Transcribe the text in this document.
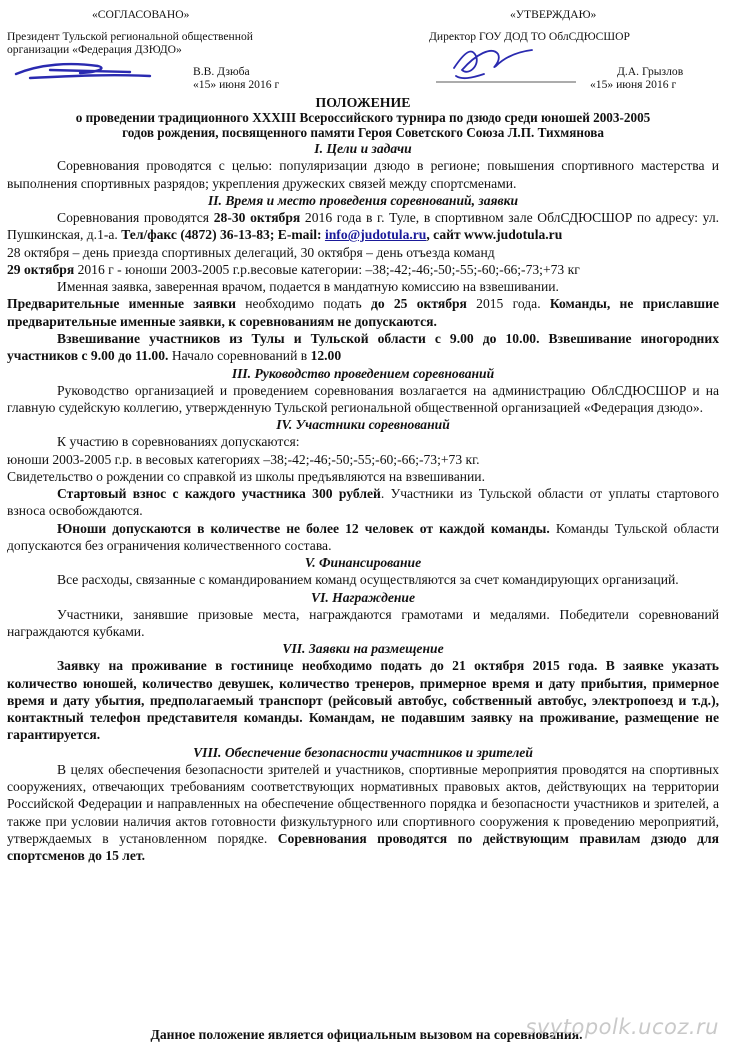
«СОГЛАСОВАНО»	«УТВЕРЖДАЮ»
Президент Тульской региональной общественной
организации «Федерация ДЗЮДО»
Директор ГОУ ДОД ТО ОблСДЮСШОР
В.В. Дзюба
«15» июня 2016 г
Д.А. Грызлов
«15» июня 2016 г
ПОЛОЖЕНИЕ
о проведении традиционного XXXIII Всероссийского турнира по дзюдо среди юношей 2003-2005
годов рождения, посвященного памяти Героя Советского Союза Л.П. Тихмянова
I. Цели и задачи

Соревнования проводятся с целью: популяризации дзюдо в регионе; повышения спортивного мастерства и выполнения спортивных разрядов; укрепления дружеских связей между спортсменами.

II. Время и место проведения соревнований, заявки

Соревнования проводятся 28-30 октября 2016 года в г. Туле, в спортивном зале ОблСДЮСШОР по адресу: ул. Пушкинская, д.1-а. Тел/факс (4872) 36-13-83; E-mail: info@judotula.ru, сайт www.judotula.ru

28 октября – день приезда спортивных делегаций, 30 октября – день отъезда команд

29 октября 2016 г - юноши 2003-2005 г.р.весовые категории: –38;-42;-46;-50;-55;-60;-66;-73;+73 кг

Именная заявка, заверенная врачом, подается в мандатную комиссию на взвешивании.

Предварительные именные заявки необходимо подать до 25 октября 2015 года. Команды, не приславшие предварительные именные заявки, к соревнованиям не допускаются.

Взвешивание участников из Тулы и Тульской области с 9.00 до 10.00. Взвешивание иногородних участников с 9.00 до 11.00. Начало соревнований в 12.00

III. Руководство проведением соревнований

Руководство организацией и проведением соревнования возлагается на администрацию ОблСДЮСШОР и на главную судейскую коллегию, утвержденную Тульской региональной общественной организацией «Федерация дзюдо».

IV. Участники соревнований

К участию в соревнованиях допускаются:

юноши 2003-2005 г.р. в весовых категориях –38;-42;-46;-50;-55;-60;-66;-73;+73 кг.

Свидетельство о рождении со справкой из школы предъявляются на взвешивании.

Стартовый взнос с каждого участника 300 рублей. Участники из Тульской области от уплаты стартового взноса освобождаются.

Юноши допускаются в количестве не более 12 человек от каждой команды. Команды Тульской области допускаются без ограничения количественного состава.

V. Финансирование

Все расходы, связанные с командированием команд осуществляются за счет командирующих организаций.

VI. Награждение

Участники, занявшие призовые места, награждаются грамотами и медалями. Победители соревнований награждаются кубками.

VII. Заявки на размещение

Заявку на проживание в гостинице необходимо подать до 21 октября 2015 года. В заявке указать количество юношей, количество девушек, количество тренеров, примерное время и дату прибытия, примерное время и дату убытия, предполагаемый транспорт (рейсовый автобус, собственный автобус, электропоезд и т.д.), контактный телефон представителя команды. Командам, не подавшим заявку на проживание, размещение не гарантируется.

VIII. Обеспечение безопасности участников и зрителей

В целях обеспечения безопасности зрителей и участников, спортивные мероприятия проводятся на спортивных сооружениях, отвечающих требованиям соответствующих нормативных правовых актов, действующих на территории Российской Федерации и направленных на обеспечение общественного порядка и безопасности участников и зрителей, а также при условии наличия актов готовности физкультурного или спортивного сооружения к проведению мероприятий, утверждаемых в установленном порядке. Соревнования проводятся по действующим правилам дзюдо для спортсменов до 15 лет.

Данное положение является официальным вызовом на соревнования.
svytopolk.ucoz.ru
